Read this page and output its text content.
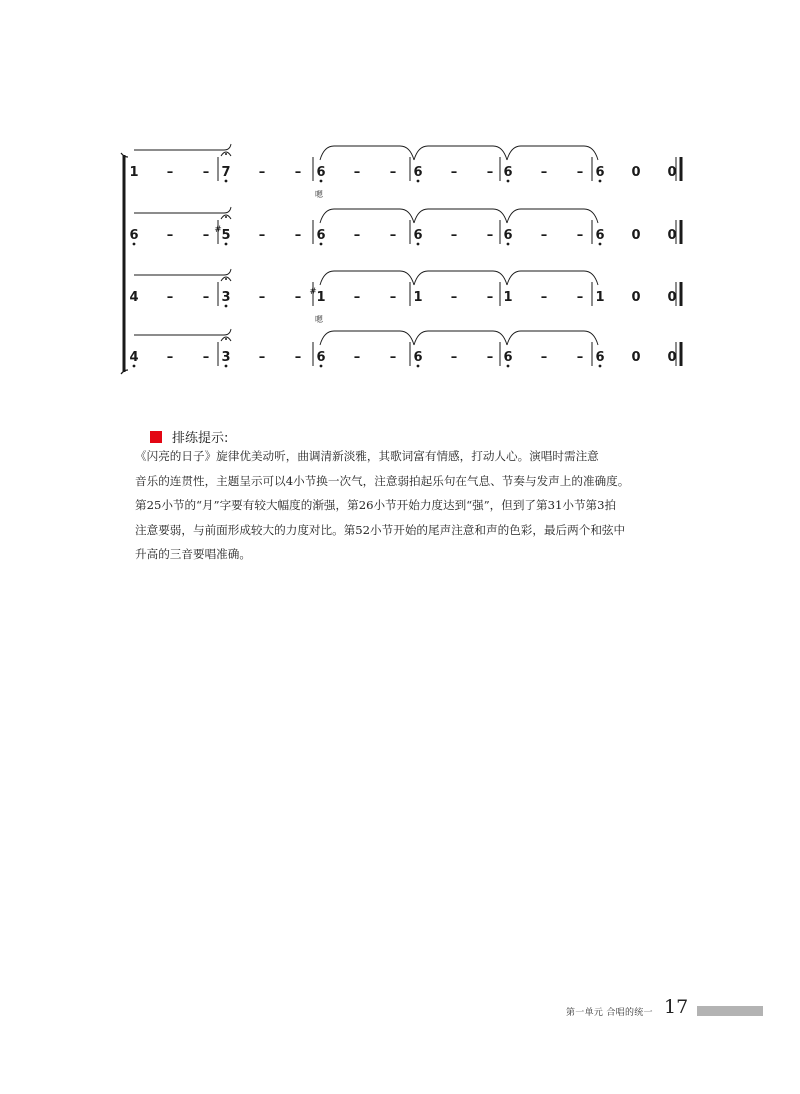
1 – – 7 – – 6
嗯
– – 6 – – 6 – – 6 0 0
6 – – 5
#	– – 6 – – 6 – – 6 – – 6 0 0
4 – – 3 – – 1
#
嗯
– – 1 – – 1 – – 1 0 0
4 – – 3 – – 6 – – 6 – – 6 – – 6 0 0
排练提示:

《闪亮的日子》旋律优美动听，曲调清新淡雅，其歌词富有情感，打动人心。演唱时需注意

音乐的连贯性，主题呈示可以4小节换一次气，注意弱拍起乐句在气息、节奏与发声上的准确度。

第25小节的“月”字要有较大幅度的渐强，第26小节开始力度达到“强”，但到了第31小节第3拍

注意要弱，与前面形成较大的力度对比。第52小节开始的尾声注意和声的色彩，最后两个和弦中

升高的三音要唱准确。

第一单元 合唱的统一 17
